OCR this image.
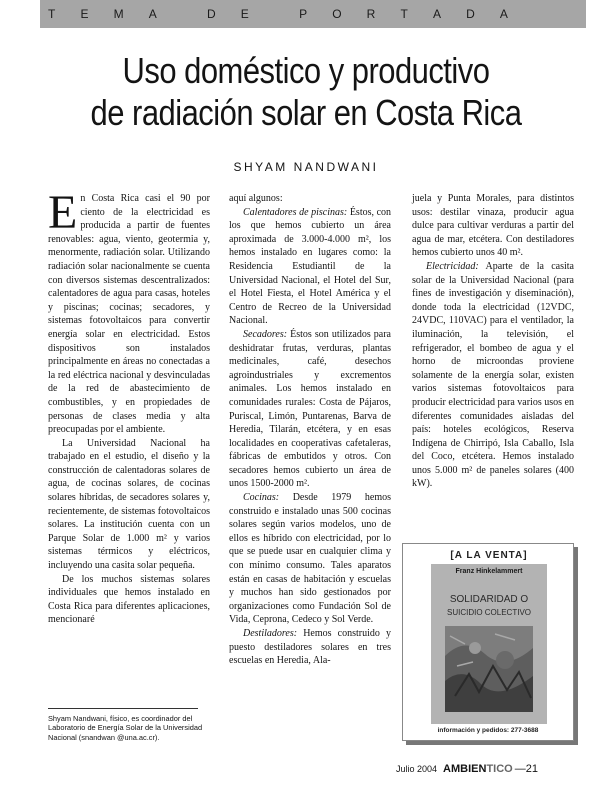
T E M A	D E	P O R T A D A
Uso doméstico y productivo
de radiación solar en Costa Rica
SHYAM NANDWANI

En Costa Rica casi el 90 por ciento de la electricidad es producida a partir de fuentes renovables: agua, viento, geotermia y, menormente, radiación solar. Utilizando radiación solar nacionalmente se cuenta con diversos sistemas descentralizados: calentadores de agua para casas, hoteles y piscinas; cocinas; secadores, y sistemas fotovoltaicos para convertir energía solar en electricidad. Estos dispositivos son instalados principalmente en áreas no conectadas a la red eléctrica nacional y desvinculadas de la red de abastecimiento de combustibles, y en propiedades de personas de clases media y alta preocupadas por el ambiente.

La Universidad Nacional ha trabajado en el estudio, el diseño y la construcción de calentadoras solares de agua, de cocinas solares, de cocinas solares híbridas, de secadores solares y, recientemente, de sistemas fotovoltaicos solares. La institución cuenta con un Parque Solar de 1.000 m² y varios sistemas térmicos y eléctricos, incluyendo una casita solar pequeña.

De los muchos sistemas solares individuales que hemos instalado en Costa Rica para diferentes aplicaciones, mencionaré

aquí algunos:

Calentadores de piscinas: Éstos, con los que hemos cubierto un área aproximada de 3.000-4.000 m², los hemos instalado en lugares como: la Residencia Estudiantil de la Universidad Nacional, el Hotel del Sur, el Hotel Fiesta, el Hotel América y el Centro de Recreo de la Universidad Nacional.

Secadores: Éstos son utilizados para deshidratar frutas, verduras, plantas medicinales, café, desechos agroindustriales y excrementos animales. Los hemos instalado en comunidades rurales: Costa de Pájaros, Puriscal, Limón, Puntarenas, Barva de Heredia, Tilarán, etcétera, y en esas localidades en cooperativas cafetaleras, fábricas de embutidos y otros. Con secadores hemos cubierto un área de unos 1500-2000 m².

Cocinas: Desde 1979 hemos construido e instalado unas 500 cocinas solares según varios modelos, uno de ellos es híbrido con electricidad, por lo que se puede usar en cualquier clima y con mínimo consumo. Tales aparatos están en casas de habitación y escuelas y muchos han sido gestionados por organizaciones como Fundación Sol de Vida, Ceprona, Cedeco y Sol Verde.

Destiladores: Hemos construido y puesto destiladores solares en tres escuelas en Heredia, Ala-

juela y Punta Morales, para distintos usos: destilar vinaza, producir agua dulce para cultivar verduras a partir del agua de mar, etcétera. Con destiladores hemos cubierto unos 40 m².

Electricidad: Aparte de la casita solar de la Universidad Nacional (para fines de investigación y diseminación), donde toda la electricidad (12VDC, 24VDC, 110VAC) para el ventilador, la iluminación, la televisión, el refrigerador, el bombeo de agua y el horno de microondas proviene solamente de la energía solar, existen varios sistemas fotovoltaicos para producir electricidad para varios usos en diferentes comunidades aisladas del país: hoteles ecológicos, Reserva Indígena de Chirripó, Isla Caballo, Isla del Coco, etcétera. Hemos instalado unos 5.000 m² de paneles solares (400 kW).

Shyam Nandwani, físico, es coordinador del Laboratorio de Energía Solar de la Universidad Nacional (snandwan @una.ac.cr).
[A LA VENTA]
Franz Hinkelammert
SOLIDARIDAD O
SUICIDIO COLECTIVO
información y pedidos: 277-3688
Julio 2004 AMBIEN TICO —21
